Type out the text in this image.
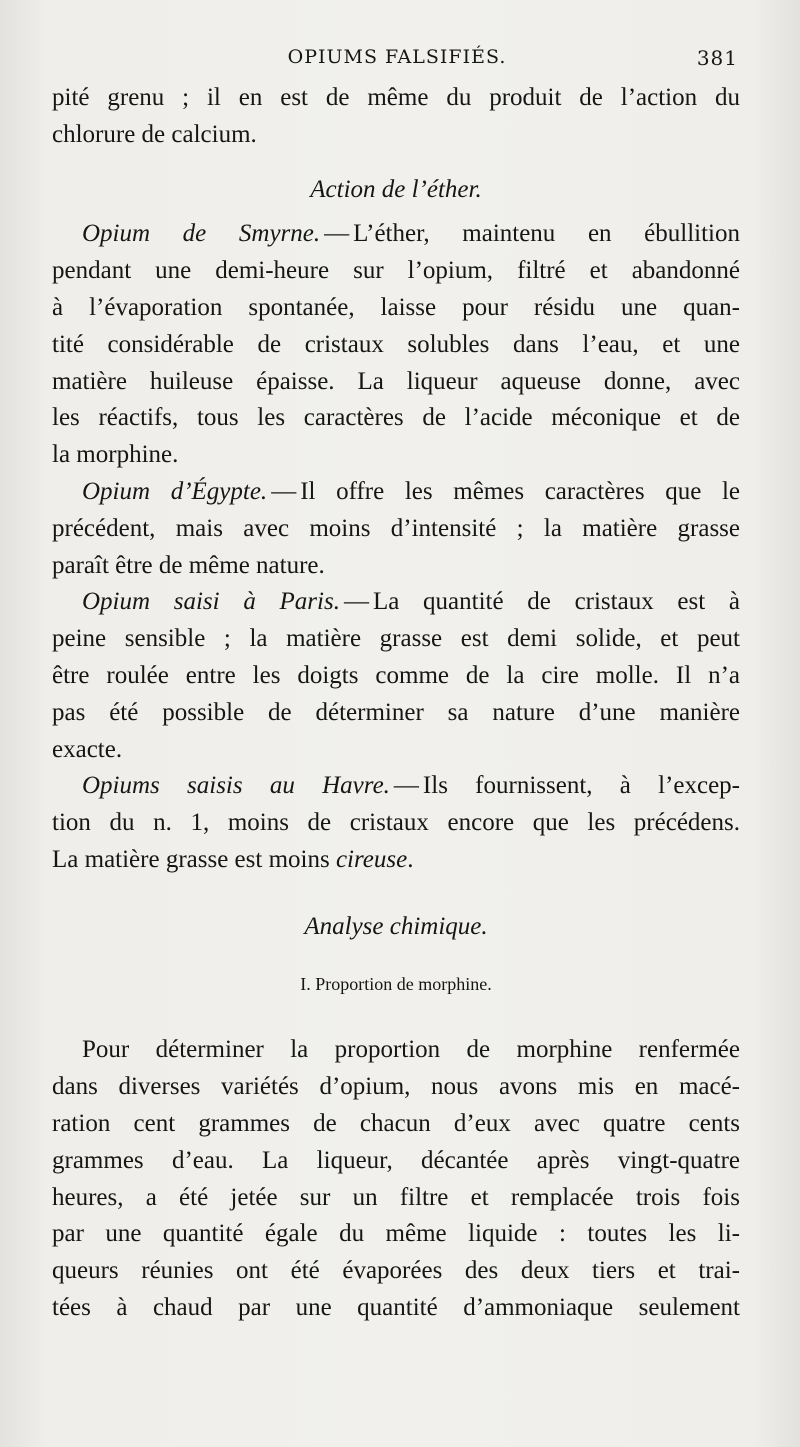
OPIUMS FALSIFIÉS.	381

pité grenu ; il en est de même du produit de l’action du

chlorure de calcium.

Action de l’éther.

Opium de Smyrne. — L’éther, maintenu en ébullition

pendant une demi-heure sur l’opium, filtré et abandonné

à l’évaporation spontanée, laisse pour résidu une quan-

tité considérable de cristaux solubles dans l’eau, et une

matière huileuse épaisse. La liqueur aqueuse donne, avec

les réactifs, tous les caractères de l’acide méconique et de

la morphine.

Opium d’Égypte. — Il offre les mêmes caractères que le

précédent, mais avec moins d’intensité ; la matière grasse

paraît être de même nature.

Opium saisi à Paris. — La quantité de cristaux est à

peine sensible ; la matière grasse est demi solide, et peut

être roulée entre les doigts comme de la cire molle. Il n’a

pas été possible de déterminer sa nature d’une manière

exacte.

Opiums saisis au Havre. — Ils fournissent, à l’excep-

tion du n. 1, moins de cristaux encore que les précédens.

La matière grasse est moins cireuse.

Analyse chimique.

I. Proportion de morphine.

Pour déterminer la proportion de morphine renfermée

dans diverses variétés d’opium, nous avons mis en macé-

ration cent grammes de chacun d’eux avec quatre cents

grammes d’eau. La liqueur, décantée après vingt-quatre

heures, a été jetée sur un filtre et remplacée trois fois

par une quantité égale du même liquide : toutes les li-

queurs réunies ont été évaporées des deux tiers et trai-

tées à chaud par une quantité d’ammoniaque seulement
